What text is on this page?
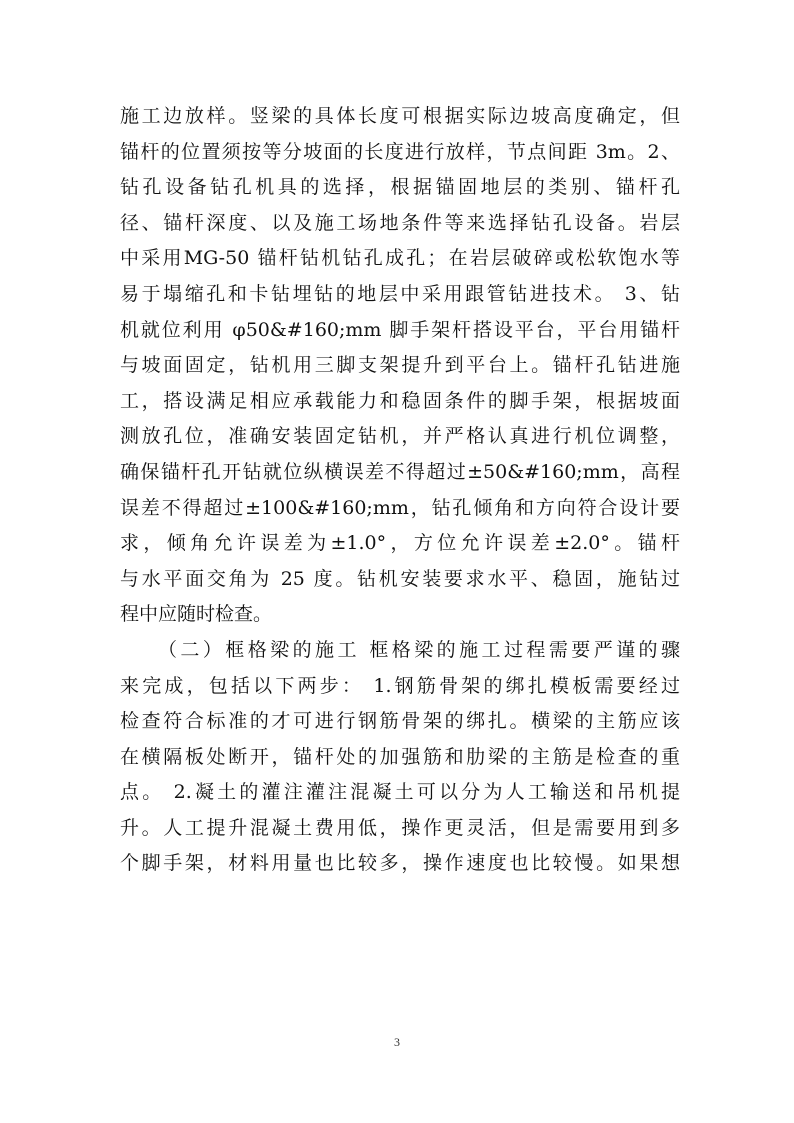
施工边放样。竖梁的具体长度可根据实际边坡高度确定，但
锚杆的位置须按等分坡面的长度进行放样，节点间距 3m。2、
钻孔设备钻孔机具的选择，根据锚固地层的类别、锚杆孔
径、锚杆深度、以及施工场地条件等来选择钻孔设备。岩层
中采用MG-50 锚杆钻机钻孔成孔；在岩层破碎或松软饱水等
易于塌缩孔和卡钻埋钻的地层中采用跟管钻进技术。 3、钻
机就位利用 φ50&#160;mm 脚手架杆搭设平台，平台用锚杆
与坡面固定，钻机用三脚支架提升到平台上。锚杆孔钻进施
工，搭设满足相应承载能力和稳固条件的脚手架，根据坡面
测放孔位，准确安装固定钻机，并严格认真进行机位调整，
确保锚杆孔开钻就位纵横误差不得超过±50&#160;mm，高程
误差不得超过±100&#160;mm，钻孔倾角和方向符合设计要
求，倾角允许误差为±1.0°，方位允许误差±2.0°。锚杆
与水平面交角为 25 度。钻机安装要求水平、稳固，施钻过
程中应随时检查。
（二）框格梁的施工 框格梁的施工过程需要严谨的骤
来完成，包括以下两步： 1.钢筋骨架的绑扎模板需要经过
检查符合标准的才可进行钢筋骨架的绑扎。横梁的主筋应该
在横隔板处断开，锚杆处的加强筋和肋梁的主筋是检查的重
点。 2.凝土的灌注灌注混凝土可以分为人工输送和吊机提
升。人工提升混凝土费用低，操作更灵活，但是需要用到多
个脚手架，材料用量也比较多，操作速度也比较慢。如果想
3
